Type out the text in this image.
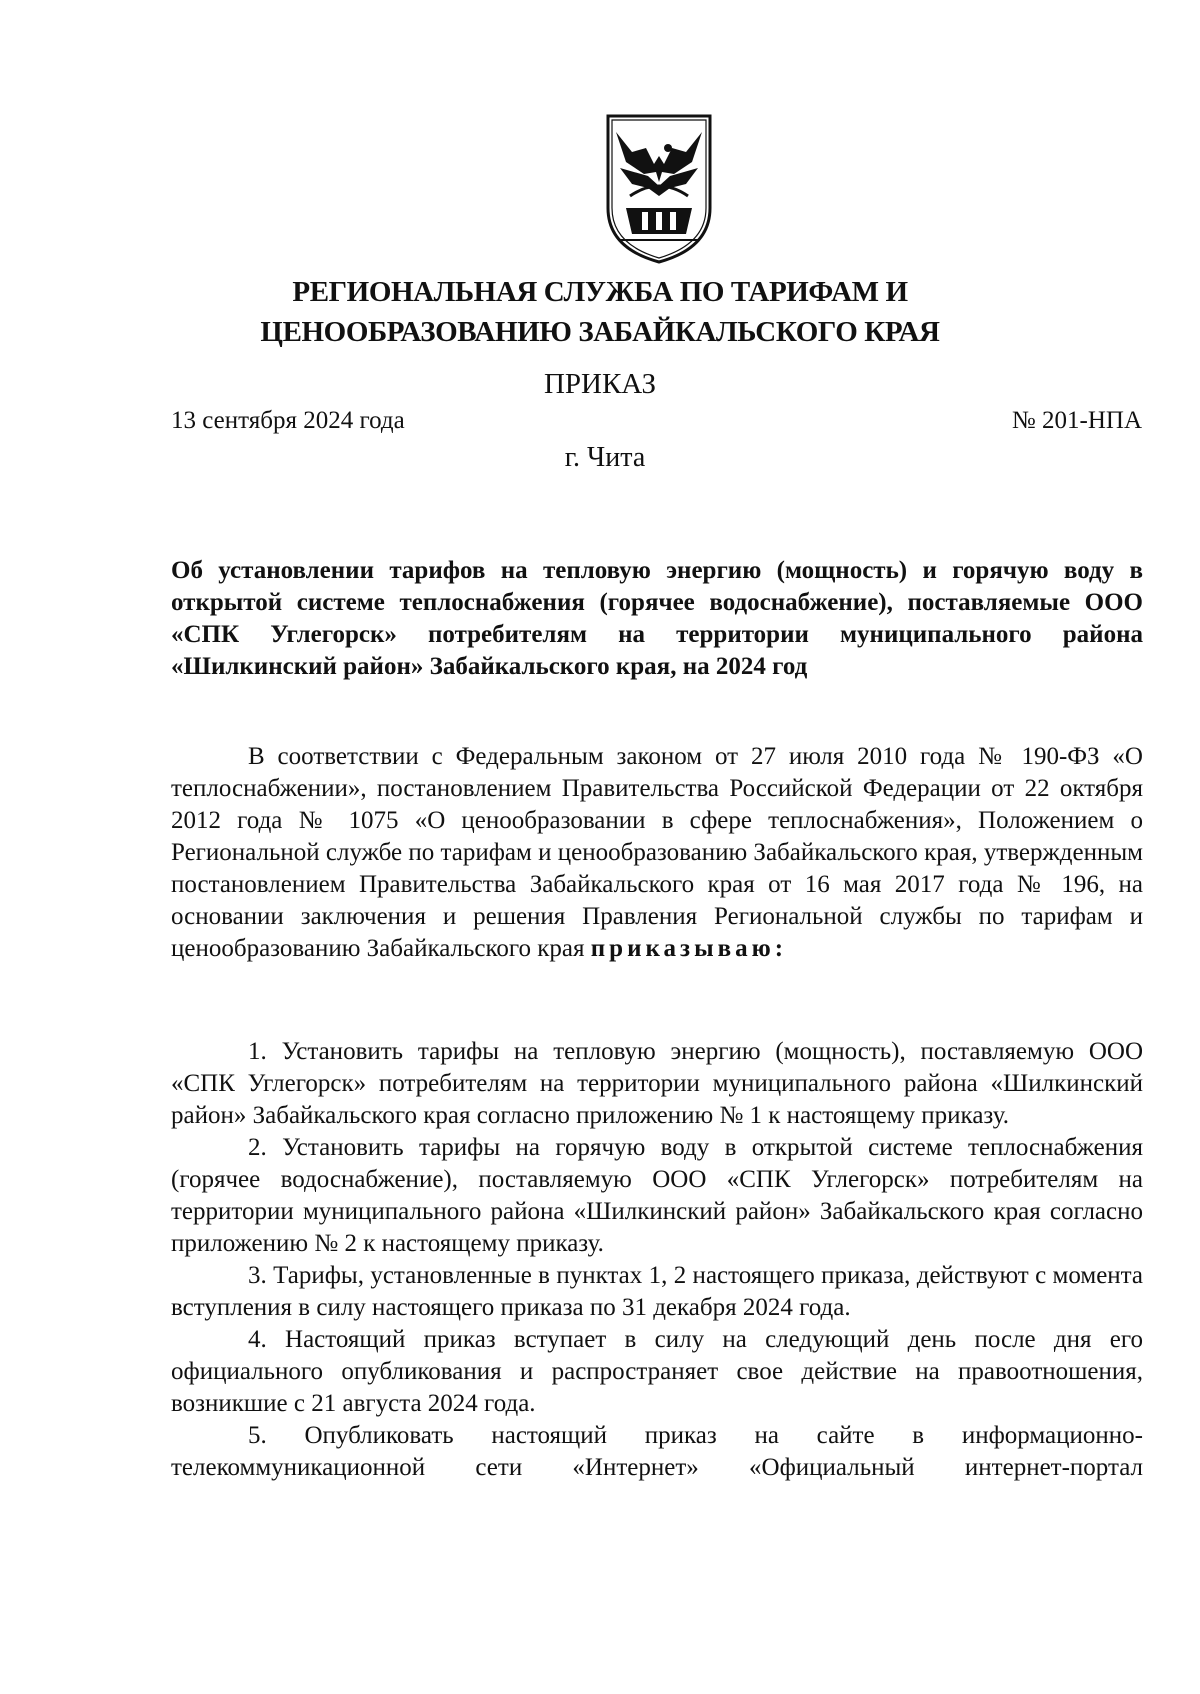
РЕГИОНАЛЬНАЯ СЛУЖБА ПО ТАРИФАМ И
ЦЕНООБРАЗОВАНИЮ ЗАБАЙКАЛЬСКОГО КРАЯ
ПРИКАЗ
13 сентября 2024 года	№ 201-НПА
г. Чита
Об установлении тарифов на тепловую энергию (мощность) и горячую воду в открытой системе теплоснабжения (горячее водоснабжение), поставляемые ООО «СПК Углегорск» потребителям на территории муниципального района «Шилкинский район» Забайкальского края, на 2024 год
В соответствии с Федеральным законом от 27 июля 2010 года № 190-ФЗ «О теплоснабжении», постановлением Правительства Российской Федерации от 22 октября 2012 года № 1075 «О ценообразовании в сфере теплоснабжения», Положением о Региональной службе по тарифам и ценообразованию Забайкальского края, утвержденным постановлением Правительства Забайкальского края от 16 мая 2017 года № 196, на основании заключения и решения Правления Региональной службы по тарифам и ценообразованию Забайкальского края приказываю:

1. Установить тарифы на тепловую энергию (мощность), поставляемую ООО «СПК Углегорск» потребителям на территории муниципального района «Шилкинский район» Забайкальского края согласно приложению № 1 к настоящему приказу.

2. Установить тарифы на горячую воду в открытой системе теплоснабжения (горячее водоснабжение), поставляемую ООО «СПК Углегорск» потребителям на территории муниципального района «Шилкинский район» Забайкальского края согласно приложению № 2 к настоящему приказу.

3. Тарифы, установленные в пунктах 1, 2 настоящего приказа, действуют с момента вступления в силу настоящего приказа по 31 декабря 2024 года.

4. Настоящий приказ вступает в силу на следующий день после дня его официального опубликования и распространяет свое действие на правоотношения, возникшие с 21 августа 2024 года.

5. Опубликовать настоящий приказ на сайте в информационно-телекоммуникационной сети «Интернет» «Официальный интернет-портал
